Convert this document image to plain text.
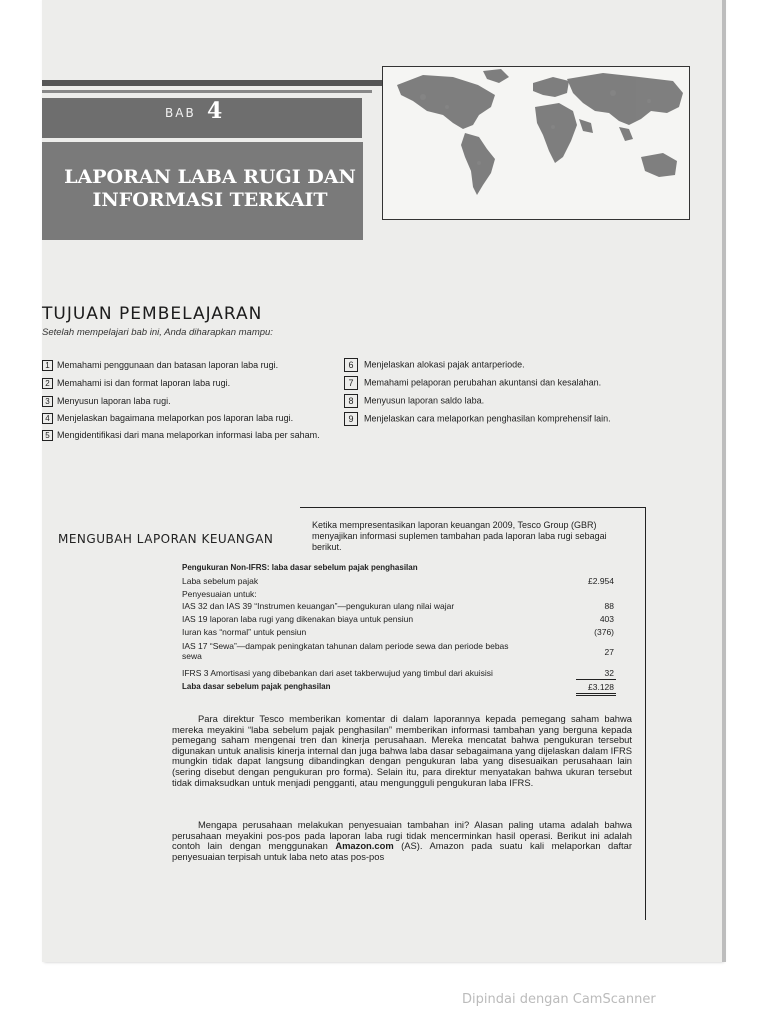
BAB 4
LAPORAN LABA RUGI DAN
INFORMASI TERKAIT
TUJUAN PEMBELAJARAN
Setelah mempelajari bab ini, Anda diharapkan mampu:
1 Memahami penggunaan dan batasan laporan laba rugi.
2 Memahami isi dan format laporan laba rugi.
3 Menyusun laporan laba rugi.
4 Menjelaskan bagaimana melaporkan pos laporan laba rugi.
5 Mengidentifikasi dari mana melaporkan informasi laba per saham.
6 Menjelaskan alokasi pajak antarperiode.
7 Memahami pelaporan perubahan akuntansi dan kesalahan.
8 Menyusun laporan saldo laba.
9 Menjelaskan cara melaporkan penghasilan komprehensif lain.
MENGUBAH LAPORAN KEUANGAN
Ketika mempresentasikan laporan keuangan 2009, Tesco Group (GBR) menyajikan informasi suplemen tambahan pada laporan laba rugi sebagai berikut.
Pengukuran Non-IFRS: laba dasar sebelum pajak penghasilan
Laba sebelum pajak	£2.954
Penyesuaian untuk:
IAS 32 dan IAS 39 “Instrumen keuangan”—pengukuran ulang nilai wajar	88
IAS 19 laporan laba rugi yang dikenakan biaya untuk pensiun	403
Iuran kas “normal” untuk pensiun	(376)
IAS 17 “Sewa”—dampak peningkatan tahunan dalam periode sewa dan periode bebas sewa	27
IFRS 3 Amortisasi yang dibebankan dari aset takberwujud yang timbul dari akuisisi	32
Laba dasar sebelum pajak penghasilan	£3.128
Para direktur Tesco memberikan komentar di dalam laporannya kepada pemegang saham bahwa mereka meyakini “laba sebelum pajak penghasilan” memberikan informasi tambahan yang berguna kepada pemegang saham mengenai tren dan kinerja perusahaan. Mereka mencatat bahwa pengukuran tersebut digunakan untuk analisis kinerja internal dan juga bahwa laba dasar sebagaimana yang dijelaskan dalam IFRS mungkin tidak dapat langsung dibandingkan dengan pengukuran laba yang disesuaikan perusahaan lain (sering disebut dengan pengukuran pro forma). Selain itu, para direktur menyatakan bahwa ukuran tersebut tidak dimaksudkan untuk menjadi pengganti, atau mengungguli pengukuran laba IFRS.
Mengapa perusahaan melakukan penyesuaian tambahan ini? Alasan paling utama adalah bahwa perusahaan meyakini pos-pos pada laporan laba rugi tidak mencerminkan hasil operasi. Berikut ini adalah contoh lain dengan menggunakan Amazon.com (AS). Amazon pada suatu kali melaporkan daftar penyesuaian terpisah untuk laba neto atas pos-pos
Dipindai dengan CamScanner
